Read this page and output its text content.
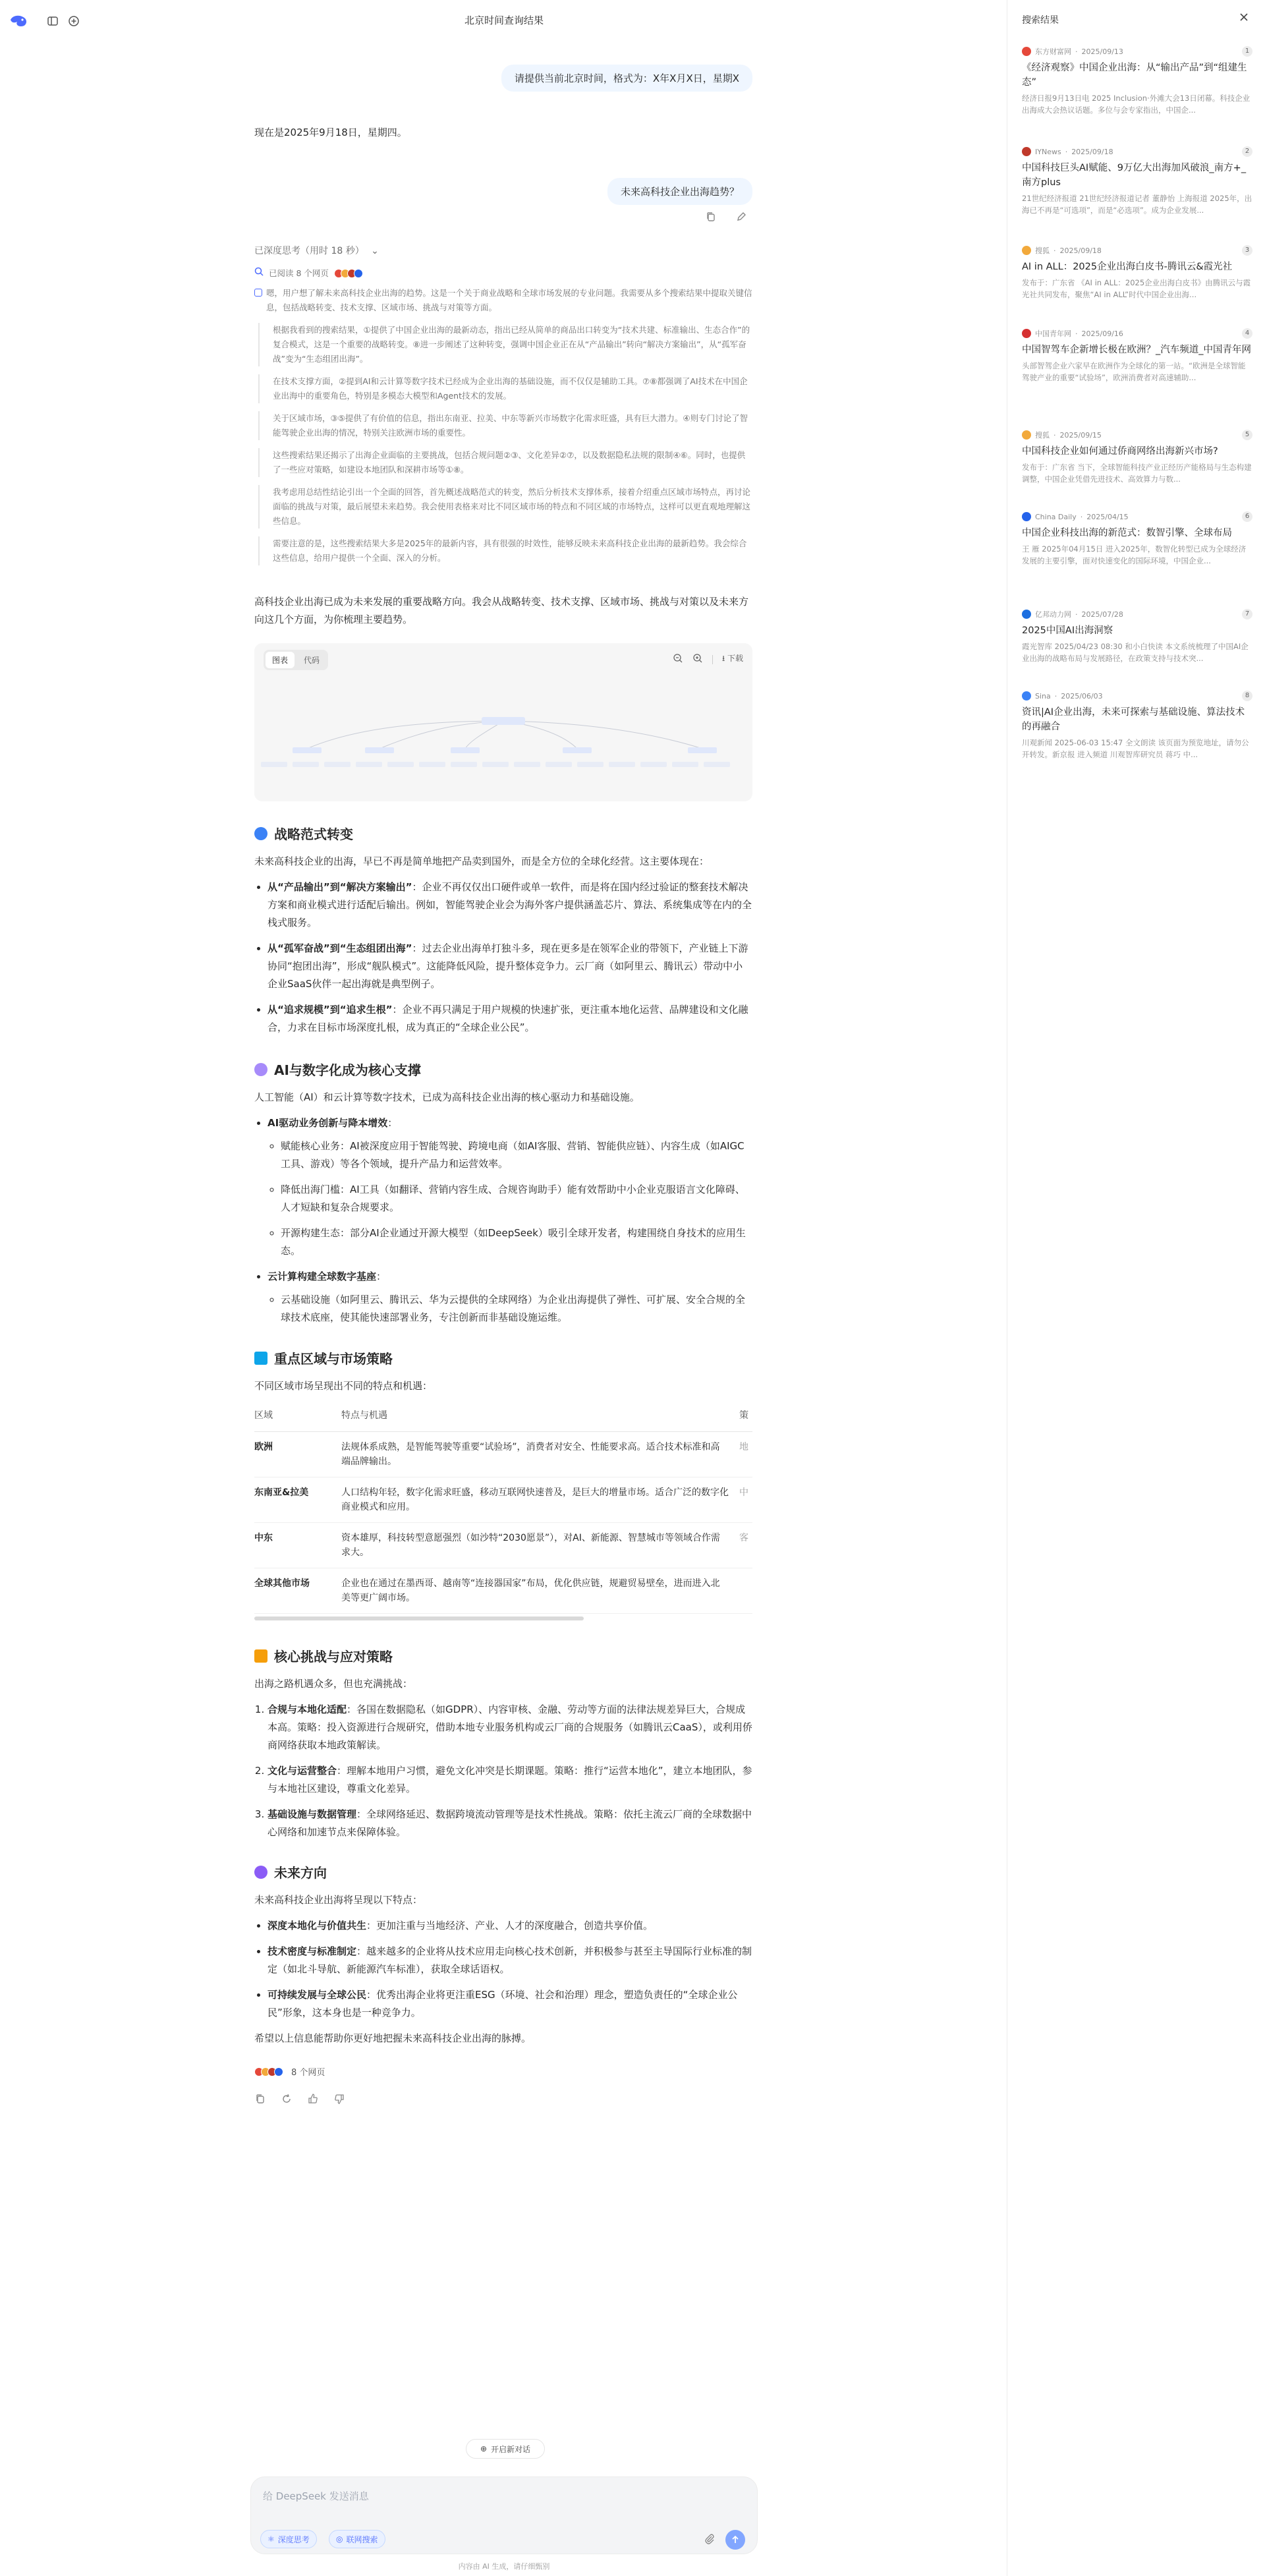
北京时间查询结果
请提供当前北京时间，格式为：X年X月X日，星期X
现在是2025年9月18日，星期四。
未来高科技企业出海趋势？
已深度思考（用时 18 秒） ⌄
已阅读 8 个网页
嗯，用户想了解未来高科技企业出海的趋势。这是一个关于商业战略和全球市场发展的专业问题。我需要从多个搜索结果中提取关键信息，包括战略转变、技术支撑、区域市场、挑战与对策等方面。
根据我看到的搜索结果，①提供了中国企业出海的最新动态，指出已经从简单的商品出口转变为“技术共建、标准输出、生态合作”的复合模式，这是一个重要的战略转变。⑧进一步阐述了这种转变，强调中国企业正在从“产品输出”转向“解决方案输出”，从“孤军奋战”变为“生态组团出海”。
在技术支撑方面，②提到AI和云计算等数字技术已经成为企业出海的基础设施，而不仅仅是辅助工具。⑦⑧都强调了AI技术在中国企业出海中的重要角色，特别是多模态大模型和Agent技术的发展。
关于区域市场，③⑤提供了有价值的信息，指出东南亚、拉美、中东等新兴市场数字化需求旺盛，具有巨大潜力。④则专门讨论了智能驾驶企业出海的情况，特别关注欧洲市场的重要性。
这些搜索结果还揭示了出海企业面临的主要挑战，包括合规问题②③、文化差异②⑦，以及数据隐私法规的限制④⑥。同时，也提供了一些应对策略，如建设本地团队和深耕市场等①⑧。
我考虑用总结性结论引出一个全面的回答，首先概述战略范式的转变，然后分析技术支撑体系，接着介绍重点区域市场特点，再讨论面临的挑战与对策，最后展望未来趋势。我会使用表格来对比不同区域市场的特点和不同区域的市场特点，这样可以更直观地理解这些信息。
需要注意的是，这些搜索结果大多是2025年的最新内容，具有很强的时效性，能够反映未来高科技企业出海的最新趋势。我会综合这些信息，给用户提供一个全面、深入的分析。
高科技企业出海已成为未来发展的重要战略方向。我会从战略转变、技术支撑、区域市场、挑战与对策以及未来方向这几个方面，为你梳理主要趋势。
图表	代码	⭳ 下载
战略范式转变

未来高科技企业的出海，早已不再是简单地把产品卖到国外，而是全方位的全球化经营。这主要体现在：

• 从“产品输出”到“解决方案输出”：企业不再仅仅出口硬件或单一软件，而是将在国内经过验证的整套技术解决方案和商业模式进行适配后输出。例如，智能驾驶企业会为海外客户提供涵盖芯片、算法、系统集成等在内的全栈式服务。
• 从“孤军奋战”到“生态组团出海”：过去企业出海单打独斗多，现在更多是在领军企业的带领下，产业链上下游协同“抱团出海”，形成“舰队模式”。这能降低风险，提升整体竞争力。云厂商（如阿里云、腾讯云）带动中小企业SaaS伙伴一起出海就是典型例子。
• 从“追求规模”到“追求生根”：企业不再只满足于用户规模的快速扩张，更注重本地化运营、品牌建设和文化融合，力求在目标市场深度扎根，成为真正的“全球企业公民”。
AI与数字化成为核心支撑

人工智能（AI）和云计算等数字技术，已成为高科技企业出海的核心驱动力和基础设施。

• AI驱动业务创新与降本增效：
◦ 赋能核心业务：AI被深度应用于智能驾驶、跨境电商（如AI客服、营销、智能供应链）、内容生成（如AIGC工具、游戏）等各个领域，提升产品力和运营效率。
◦ 降低出海门槛：AI工具（如翻译、营销内容生成、合规咨询助手）能有效帮助中小企业克服语言文化障碍、人才短缺和复杂合规要求。
◦ 开源构建生态：部分AI企业通过开源大模型（如DeepSeek）吸引全球开发者，构建围绕自身技术的应用生态。
• 云计算构建全球数字基座：
◦ 云基础设施（如阿里云、腾讯云、华为云提供的全球网络）为企业出海提供了弹性、可扩展、安全合规的全球技术底座，使其能快速部署业务，专注创新而非基础设施运维。
重点区域与市场策略

不同区域市场呈现出不同的特点和机遇：

区域	特点与机遇	策
欧洲	法规体系成熟，是智能驾驶等重要“试验场”，消费者对安全、性能要求高。适合技术标准和高端品牌输出。	地
东南亚&拉美	人口结构年轻，数字化需求旺盛，移动互联网快速普及，是巨大的增量市场。适合广泛的数字化商业模式和应用。	中
中东	资本雄厚，科技转型意愿强烈（如沙特“2030愿景”），对AI、新能源、智慧城市等领域合作需求大。	客
全球其他市场	企业也在通过在墨西哥、越南等“连接器国家”布局，优化供应链，规避贸易壁垒，进而进入北美等更广阔市场。	
核心挑战与应对策略

出海之路机遇众多，但也充满挑战：

1. 合规与本地化适配：各国在数据隐私（如GDPR）、内容审核、金融、劳动等方面的法律法规差异巨大，合规成本高。策略：投入资源进行合规研究，借助本地专业服务机构或云厂商的合规服务（如腾讯云CaaS），或利用侨商网络获取本地政策解读。
2. 文化与运营整合：理解本地用户习惯，避免文化冲突是长期课题。策略：推行“运营本地化”，建立本地团队，参与本地社区建设，尊重文化差异。
3. 基础设施与数据管理：全球网络延迟、数据跨境流动管理等是技术性挑战。策略：依托主流云厂商的全球数据中心网络和加速节点来保障体验。
未来方向

未来高科技企业出海将呈现以下特点：

• 深度本地化与价值共生：更加注重与当地经济、产业、人才的深度融合，创造共享价值。
• 技术密度与标准制定：越来越多的企业将从技术应用走向核心技术创新，并积极参与甚至主导国际行业标准的制定（如北斗导航、新能源汽车标准），获取全球话语权。
• 可持续发展与全球公民：优秀出海企业将更注重ESG（环境、社会和治理）理念，塑造负责任的“全球企业公民”形象，这本身也是一种竞争力。

希望以上信息能帮助你更好地把握未来高科技企业出海的脉搏。

8 个网页
⊕ 开启新对话
给 DeepSeek 发送消息
⚛ 深度思考	◎ 联网搜索
内容由 AI 生成，请仔细甄别
搜索结果
东方财富网 · 2025/09/13	1
《经济观察》中国企业出海：从“输出产品”到“组建生态”
经济日报9月13日电 2025 Inclusion·外滩大会13日闭幕。科技企业出海成大会热议话题。多位与会专家指出，中国企...
IYNews · 2025/09/18	2
中国科技巨头AI赋能、9万亿大出海加风破浪_南方+_南方plus
21世纪经济报道 21世纪经济报道记者 董静怡 上海报道 2025年，出海已不再是“可选项”，而是“必选项”。成为企业发展...
搜狐 · 2025/09/18	3
AI in ALL：2025企业出海白皮书-腾讯云&霞光社
发布于：广东省 《AI in ALL：2025企业出海白皮书》由腾讯云与霞光社共同发布，聚焦“AI in ALL”时代中国企业出海...
中国青年网 · 2025/09/16	4
中国智驾车企新增长极在欧洲？_汽车频道_中国青年网
头部智驾企业六家早在欧洲作为全球化的第一站。“欧洲是全球智能驾驶产业的重要“试验场”，欧洲消费者对高速辅助...
搜狐 · 2025/09/15	5
中国科技企业如何通过侨商网络出海新兴市场?
发布于：广东省 当下，全球智能科技产业正经历产能格局与生态构建调整，中国企业凭借先进技术、高效算力与数...
China Daily · 2025/04/15	6
中国企业科技出海的新范式：数智引擎、全球布局
王 雁 2025年04月15日 进入2025年，数智化转型已成为全球经济发展的主要引擎，面对快速变化的国际环境，中国企业...
亿邦动力网 · 2025/07/28	7
2025中国AI出海洞察
霞光智库 2025/04/23 08:30 和小白快读 本文系统梳理了中国AI企业出海的战略布局与发展路径，在政策支持与技术突...
Sina · 2025/06/03	8
资讯|AI企业出海，未来可探索与基础设施、算法技术的再融合
川观新闻 2025-06-03 15:47 全文朗读 该页面为预览地址，请勿公开转发。新京报 进入频道 川观智库研究员 蒋巧 中...
